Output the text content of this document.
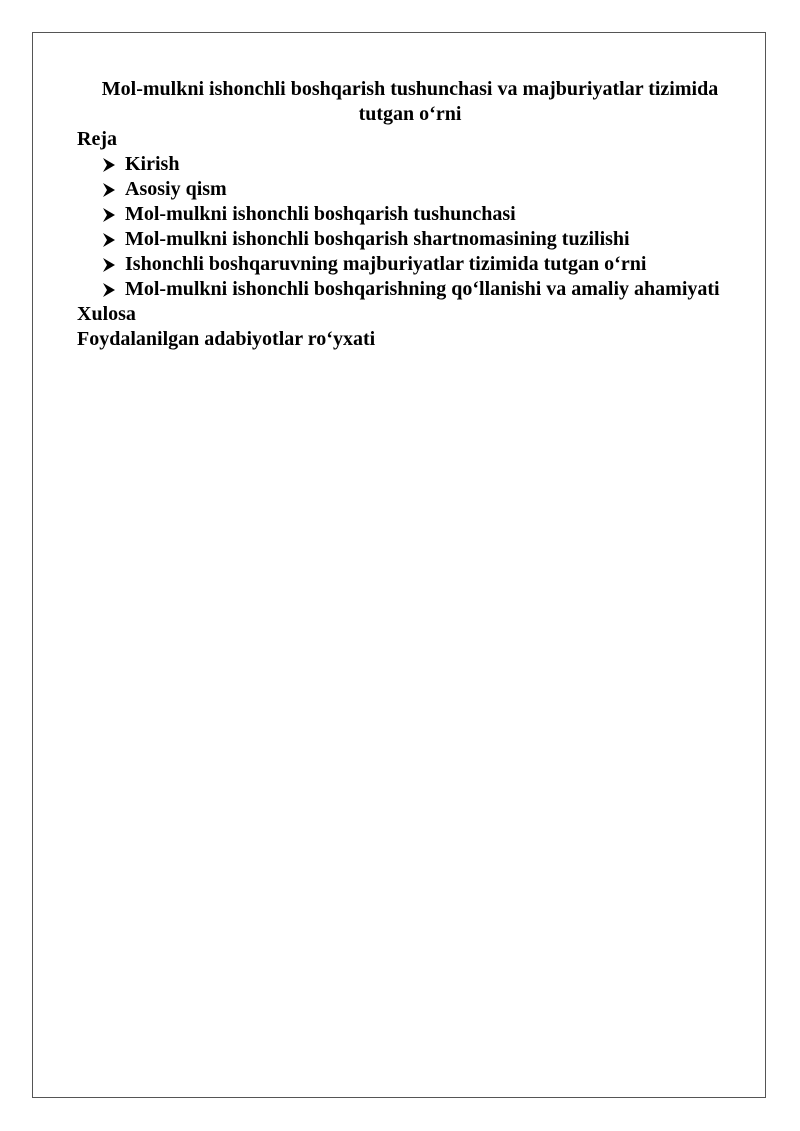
Mol-mulkni ishonchli boshqarish tushunchasi va majburiyatlar tizimida tutgan o‘rni

Reja

Kirish
Asosiy qism
Mol-mulkni ishonchli boshqarish tushunchasi
Mol-mulkni ishonchli boshqarish shartnomasining tuzilishi
Ishonchli boshqaruvning majburiyatlar tizimida tutgan o‘rni
Mol-mulkni ishonchli boshqarishning qo‘llanishi va amaliy ahamiyati

Xulosa

Foydalanilgan adabiyotlar ro‘yxati
